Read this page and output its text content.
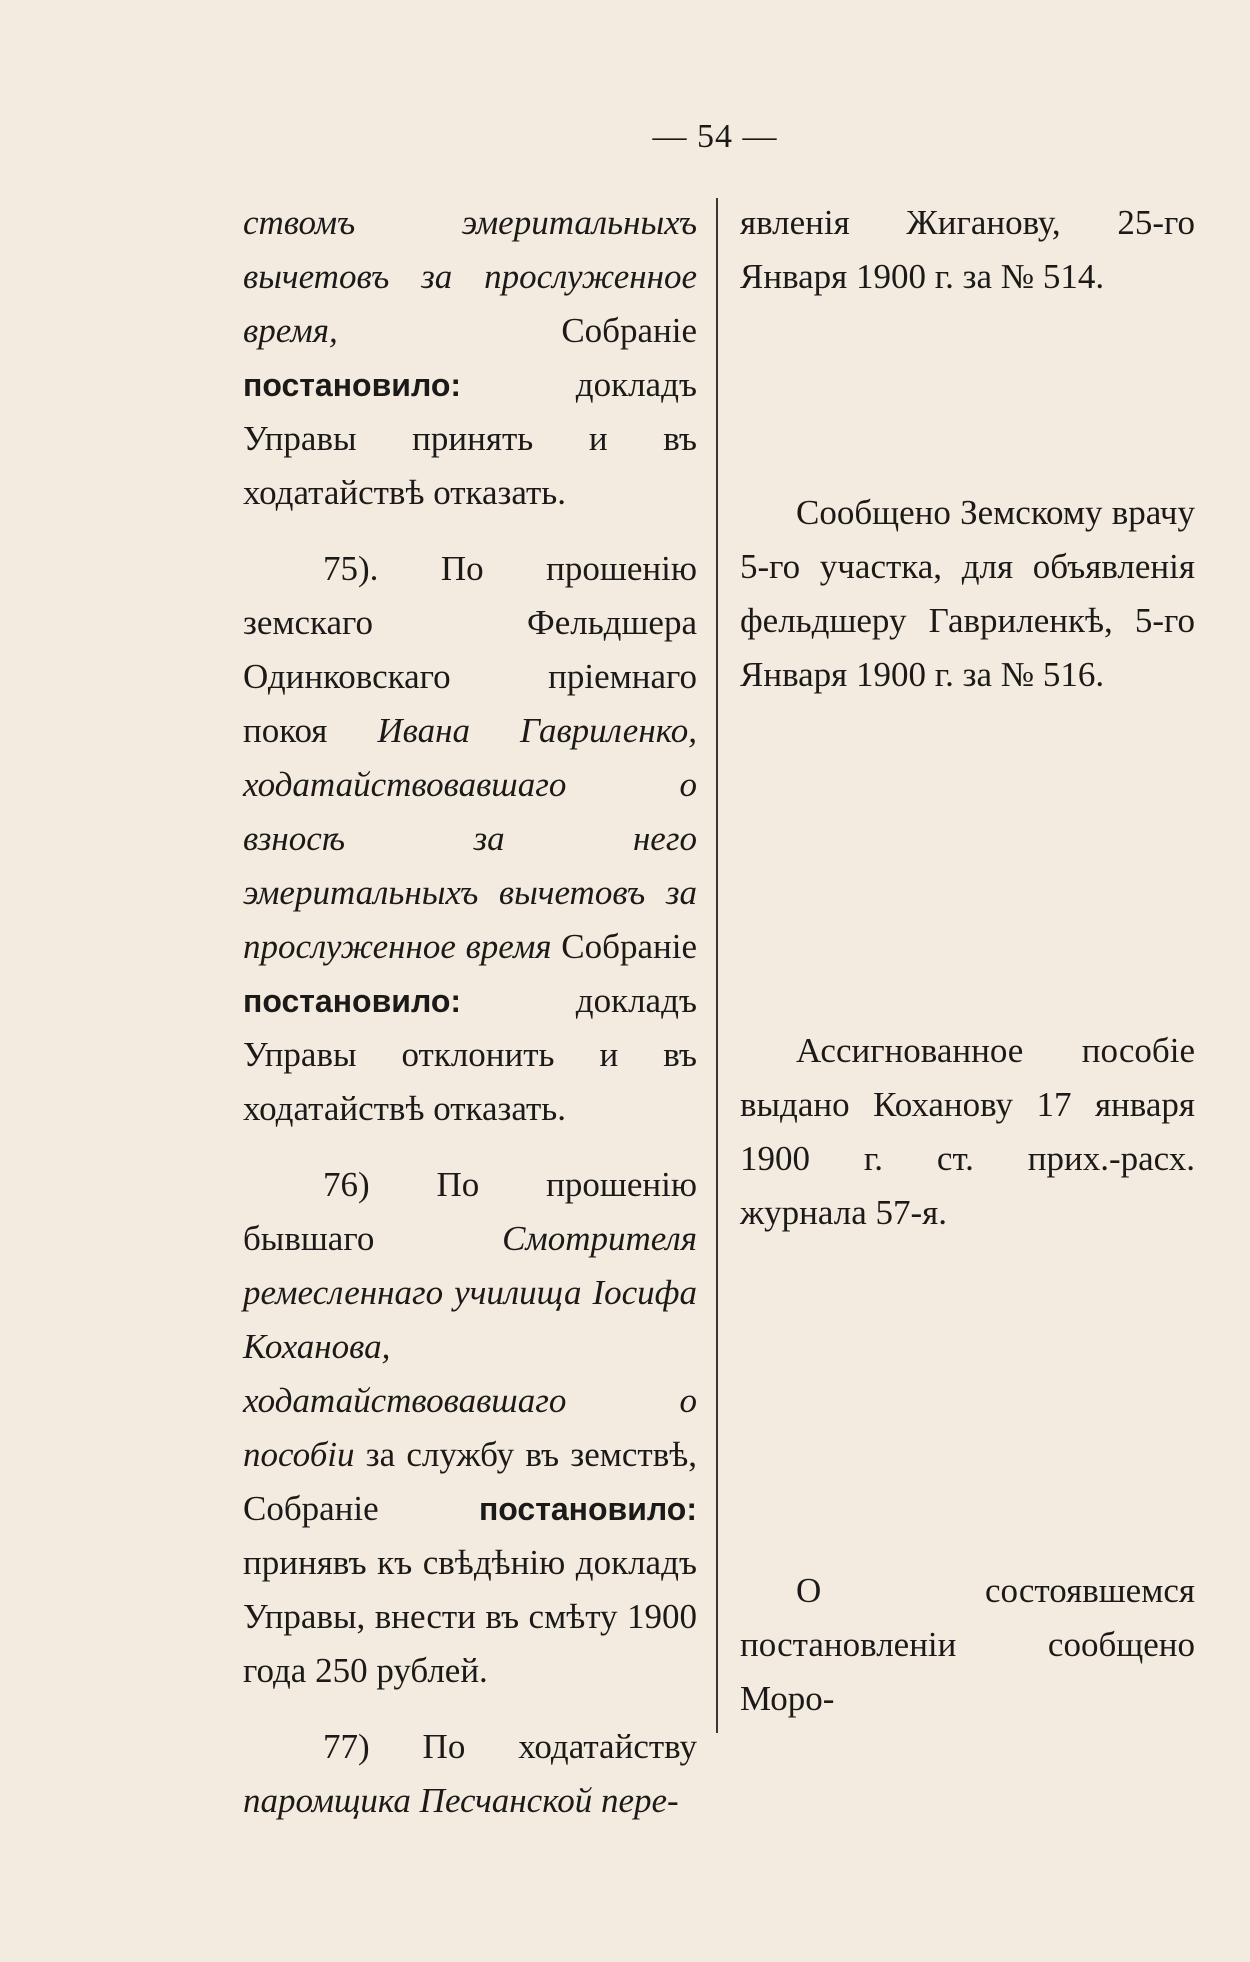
— 54 —

ствомъ эмеритальныхъ вычетовъ за прослуженное время, Собраніе постановило: докладъ Управы принять и въ ходатайствѣ отказать.

75). По прошенію земскаго Фельдшера Одинковскаго пріемнаго покоя Ивана Гавриленко, ходатайствовавшаго о взносѣ за него эмеритальныхъ вычетовъ за прослуженное время Собраніе постановило: докладъ Управы отклонить и въ ходатайствѣ отказать.

76) По прошенію бывшаго Смотрителя ремесленнаго училища Іосифа Коханова, ходатайствовавшаго о пособіи за службу въ земствѣ, Собраніе постановило: принявъ къ свѣдѣнію докладъ Управы, внести въ смѣту 1900 года 250 рублей.

77) По ходатайству паромщика Песчанской пере-

явленія Жиганову, 25-го Января 1900 г. за № 514.

Сообщено Земскому врачу 5-го участка, для объявленія фельдшеру Гавриленкѣ, 5-го Января 1900 г. за № 516.

Ассигнованное пособіе выдано Коханову 17 января 1900 г. ст. прих.-расх. журнала 57-я.

О состоявшемся постановленіи сообщено Моро-
